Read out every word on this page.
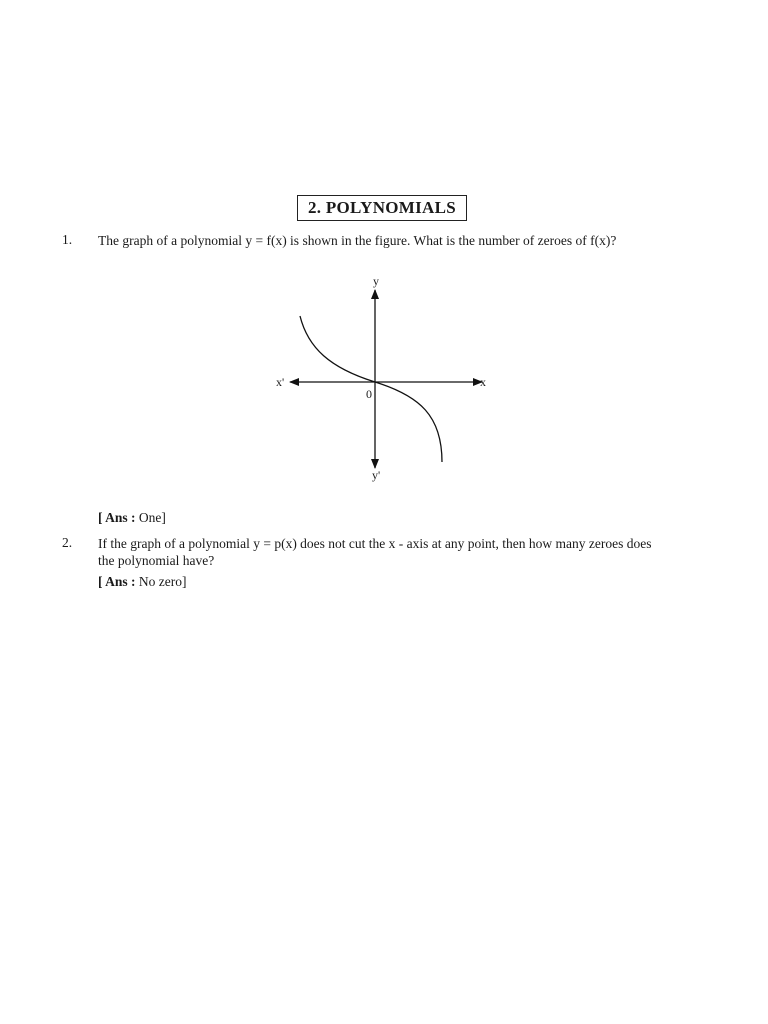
2. POLYNOMIALS
1. The graph of a polynomial y = f(x) is shown in the figure. What is the number of zeroes of f(x)?
y
x'	x
0
y'
[ Ans : One]
2. If the graph of a polynomial y = p(x) does not cut the x - axis at any point, then how many zeroes does
the polynomial have?
[ Ans : No zero]
